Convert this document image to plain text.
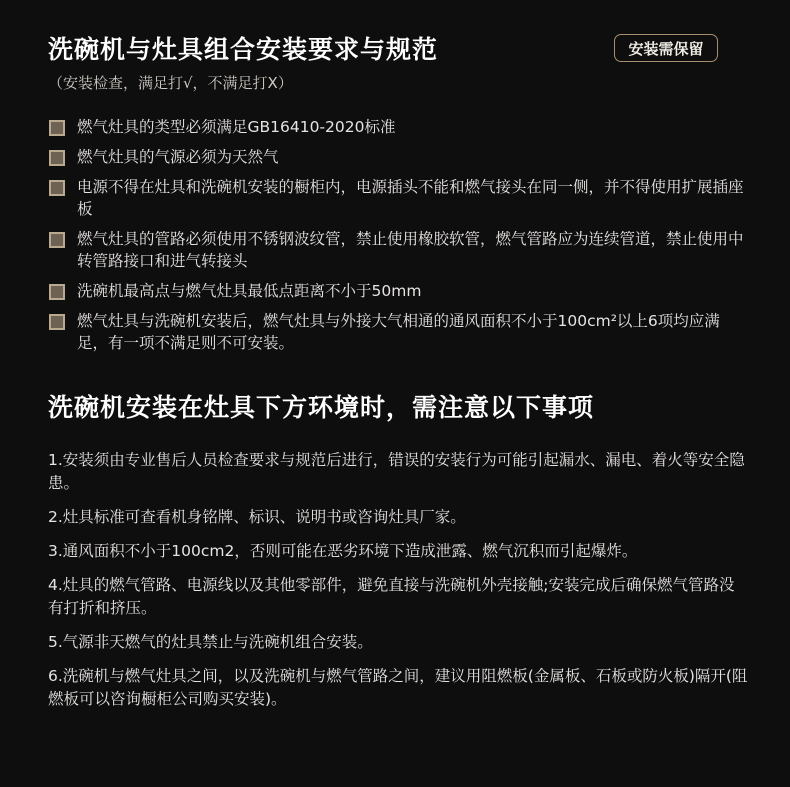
洗碗机与灶具组合安装要求与规范	安装需保留
（安装检查，满足打√，不满足打X）
燃气灶具的类型必须满足GB16410-2020标准
燃气灶具的气源必须为天然气
电源不得在灶具和洗碗机安装的橱柜内，电源插头不能和燃气接头在同一侧，并不得使用扩展插座板
燃气灶具的管路必须使用不锈钢波纹管，禁止使用橡胶软管，燃气管路应为连续管道，禁止使用中转管路接口和进气转接头
洗碗机最高点与燃气灶具最低点距离不小于50mm
燃气灶具与洗碗机安装后，燃气灶具与外接大气相通的通风面积不小于100cm²以上6项均应满足，有一项不满足则不可安装。
洗碗机安装在灶具下方环境时，需注意以下事项
1.安装须由专业售后人员检查要求与规范后进行，错误的安装行为可能引起漏水、漏电、着火等安全隐患。
2.灶具标准可查看机身铭牌、标识、说明书或咨询灶具厂家。
3.通风面积不小于100cm2，否则可能在恶劣环境下造成泄露、燃气沉积而引起爆炸。
4.灶具的燃气管路、电源线以及其他零部件，避免直接与洗碗机外壳接触;安装完成后确保燃气管路没有打折和挤压。
5.气源非天燃气的灶具禁止与洗碗机组合安装。
6.洗碗机与燃气灶具之间，以及洗碗机与燃气管路之间，建议用阻燃板(金属板、石板或防火板)隔开(阻燃板可以咨询橱柜公司购买安装)。
